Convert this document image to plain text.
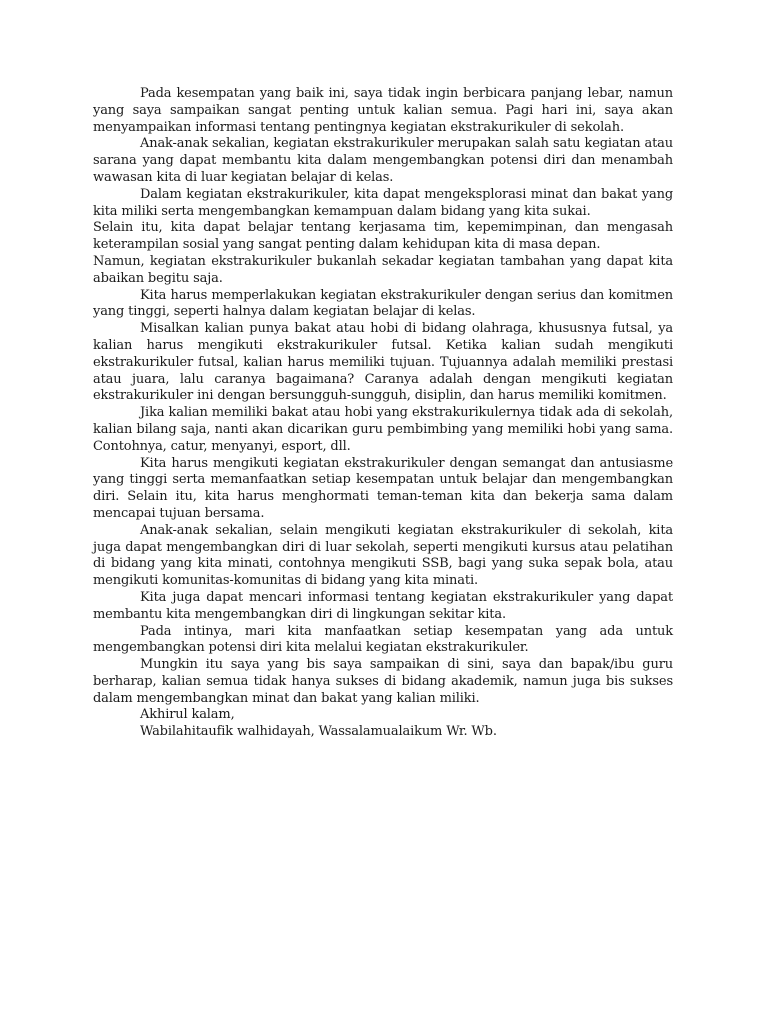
Pada kesempatan yang baik ini, saya tidak ingin berbicara panjang lebar, namun yang saya sampaikan sangat penting untuk kalian semua. Pagi hari ini, saya akan menyampaikan informasi tentang pentingnya kegiatan ekstrakurikuler di sekolah.

Anak-anak sekalian, kegiatan ekstrakurikuler merupakan salah satu kegiatan atau sarana yang dapat membantu kita dalam mengembangkan potensi diri dan menambah wawasan kita di luar kegiatan belajar di kelas.

Dalam kegiatan ekstrakurikuler, kita dapat mengeksplorasi minat dan bakat yang kita miliki serta mengembangkan kemampuan dalam bidang yang kita sukai.

Selain itu, kita dapat belajar tentang kerjasama tim, kepemimpinan, dan mengasah keterampilan sosial yang sangat penting dalam kehidupan kita di masa depan.

Namun, kegiatan ekstrakurikuler bukanlah sekadar kegiatan tambahan yang dapat kita abaikan begitu saja.

Kita harus memperlakukan kegiatan ekstrakurikuler dengan serius dan komitmen yang tinggi, seperti halnya dalam kegiatan belajar di kelas.

Misalkan kalian punya bakat atau hobi di bidang olahraga, khususnya futsal, ya kalian harus mengikuti ekstrakurikuler futsal. Ketika kalian sudah mengikuti ekstrakurikuler futsal, kalian harus memiliki tujuan. Tujuannya adalah memiliki prestasi atau juara, lalu caranya bagaimana? Caranya adalah dengan mengikuti kegiatan ekstrakurikuler ini dengan bersungguh-sungguh, disiplin, dan harus memiliki komitmen.

Jika kalian memiliki bakat atau hobi yang ekstrakurikulernya tidak ada di sekolah, kalian bilang saja, nanti akan dicarikan guru pembimbing yang memiliki hobi yang sama. Contohnya, catur, menyanyi, esport, dll.

Kita harus mengikuti kegiatan ekstrakurikuler dengan semangat dan antusiasme yang tinggi serta memanfaatkan setiap kesempatan untuk belajar dan mengembangkan diri. Selain itu, kita harus menghormati teman-teman kita dan bekerja sama dalam mencapai tujuan bersama.

Anak-anak sekalian, selain mengikuti kegiatan ekstrakurikuler di sekolah, kita juga dapat mengembangkan diri di luar sekolah, seperti mengikuti kursus atau pelatihan di bidang yang kita minati, contohnya mengikuti SSB, bagi yang suka sepak bola, atau mengikuti komunitas-komunitas di bidang yang kita minati.

Kita juga dapat mencari informasi tentang kegiatan ekstrakurikuler yang dapat membantu kita mengembangkan diri di lingkungan sekitar kita.

Pada intinya, mari kita manfaatkan setiap kesempatan yang ada untuk mengembangkan potensi diri kita melalui kegiatan ekstrakurikuler.

Mungkin itu saya yang bis saya sampaikan di sini, saya dan bapak/ibu guru berharap, kalian semua tidak hanya sukses di bidang akademik, namun juga bis sukses dalam mengembangkan minat dan bakat yang kalian miliki.

Akhirul kalam,

Wabilahitaufik walhidayah, Wassalamualaikum Wr. Wb.
